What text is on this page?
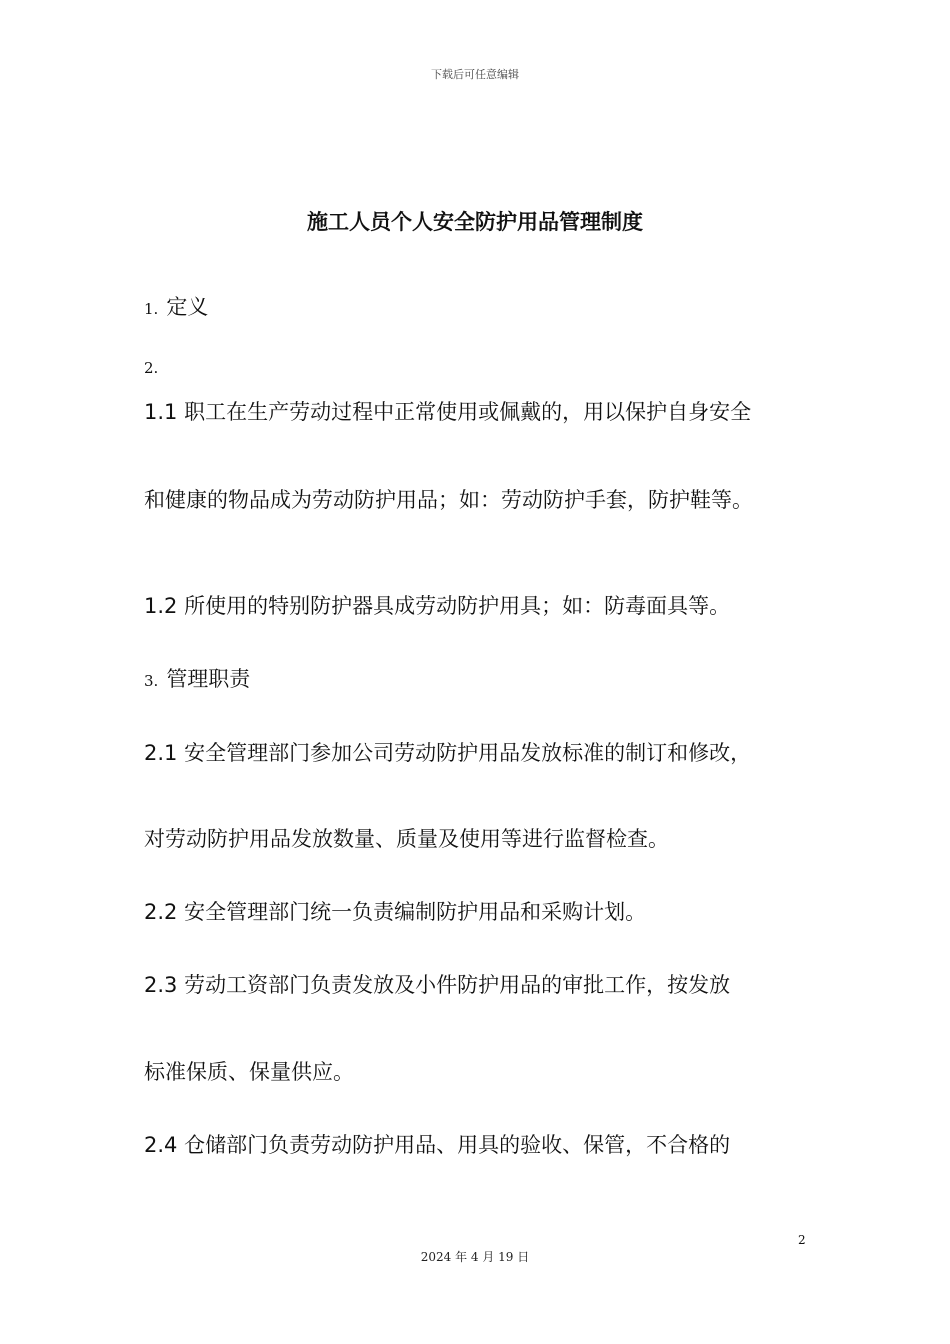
下载后可任意编辑
施工人员个人安全防护用品管理制度
1. 定义
2.
1.1 职工在生产劳动过程中正常使用或佩戴的，用以保护自身安全
和健康的物品成为劳动防护用品；如：劳动防护手套，防护鞋等。
1.2 所使用的特别防护器具成劳动防护用具；如：防毒面具等。
3. 管理职责
2.1 安全管理部门参加公司劳动防护用品发放标准的制订和修改，
对劳动防护用品发放数量、质量及使用等进行监督检查。
2.2 安全管理部门统一负责编制防护用品和采购计划。
2.3 劳动工资部门负责发放及小件防护用品的审批工作，按发放
标准保质、保量供应。
2.4 仓储部门负责劳动防护用品、用具的验收、保管，不合格的
2
2024 年 4 月 19 日
